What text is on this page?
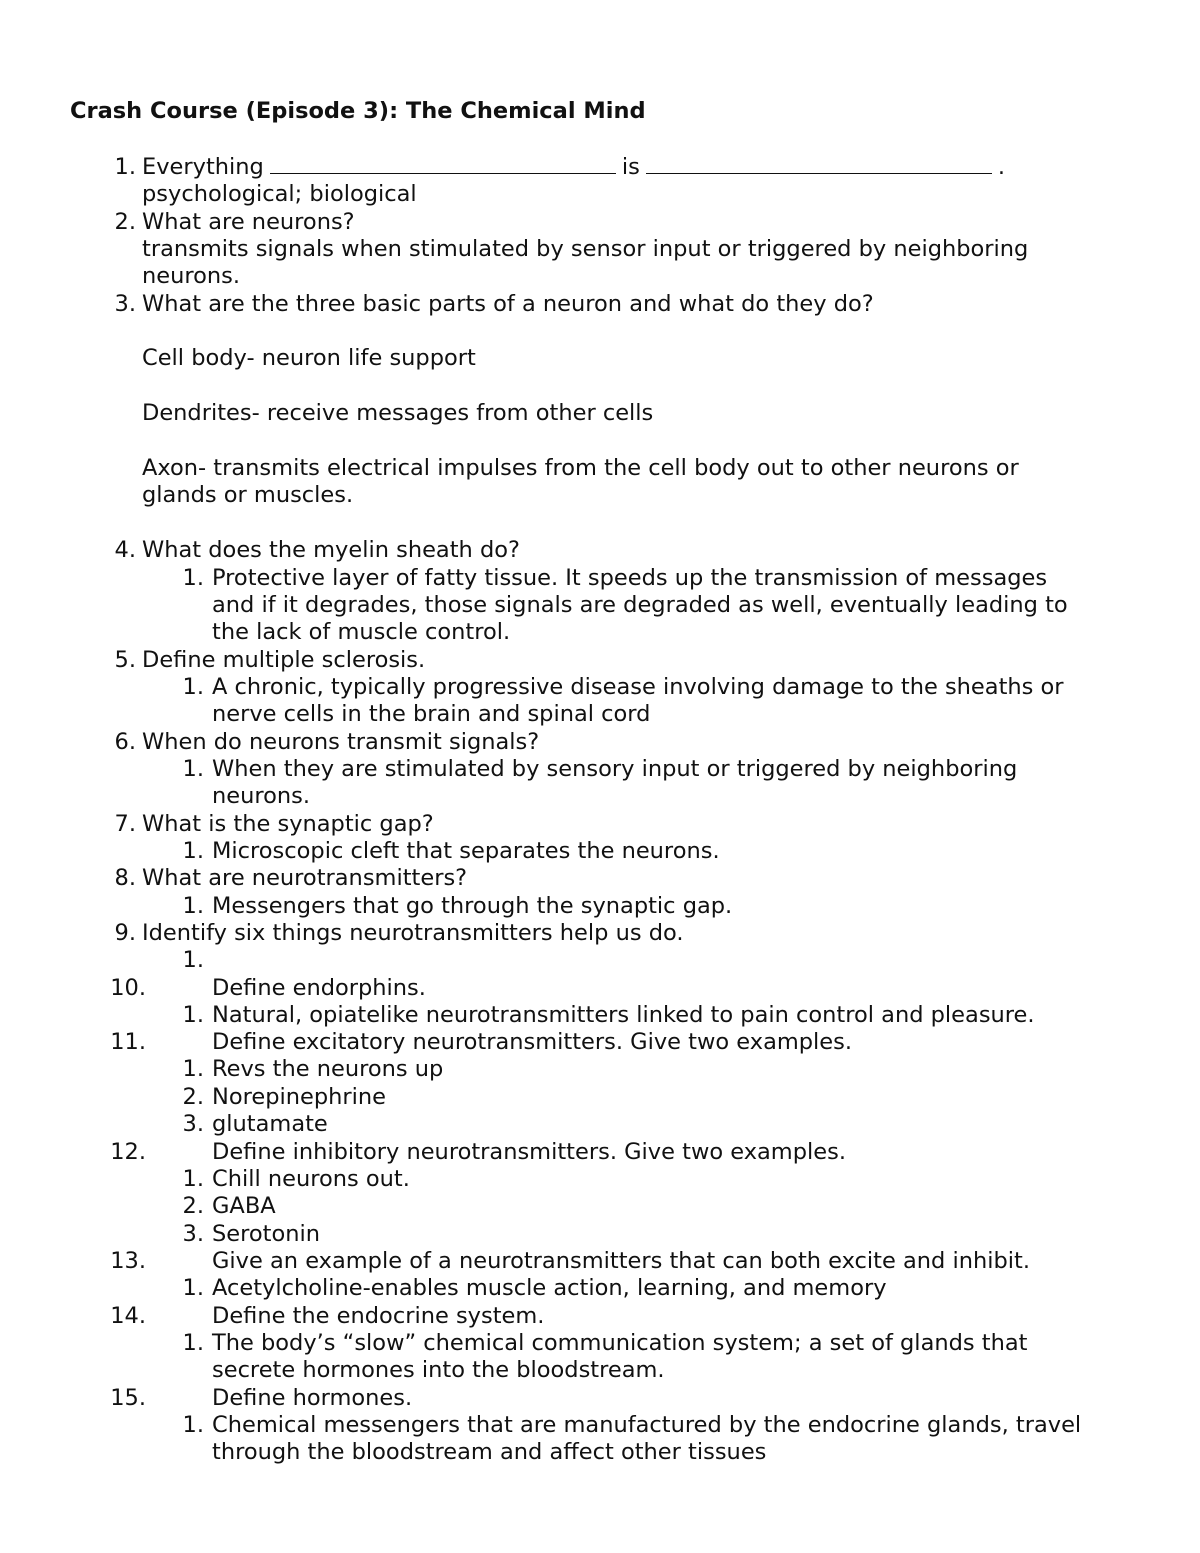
Crash Course (Episode 3): The Chemical Mind
1. Everything	is	.
psychological; biological
2. What are neurons?
transmits signals when stimulated by sensor input or triggered by neighboring
neurons.
3. What are the three basic parts of a neuron and what do they do?
Cell body- neuron life support
Dendrites- receive messages from other cells
Axon- transmits electrical impulses from the cell body out to other neurons or
glands or muscles.
4. What does the myelin sheath do?
1. Protective layer of fatty tissue. It speeds up the transmission of messages
and if it degrades, those signals are degraded as well, eventually leading to
the lack of muscle control.
5. Define multiple sclerosis.
1. A chronic, typically progressive disease involving damage to the sheaths or
nerve cells in the brain and spinal cord
6. When do neurons transmit signals?
1. When they are stimulated by sensory input or triggered by neighboring
neurons.
7. What is the synaptic gap?
1. Microscopic cleft that separates the neurons.
8. What are neurotransmitters?
1. Messengers that go through the synaptic gap.
9. Identify six things neurotransmitters help us do.
1.
10.	Define endorphins.
1. Natural, opiatelike neurotransmitters linked to pain control and pleasure.
11.	Define excitatory neurotransmitters. Give two examples.
1. Revs the neurons up
2. Norepinephrine
3. glutamate
12.	Define inhibitory neurotransmitters. Give two examples.
1. Chill neurons out.
2. GABA
3. Serotonin
13.	Give an example of a neurotransmitters that can both excite and inhibit.
1. Acetylcholine-enables muscle action, learning, and memory
14.	Define the endocrine system.
1. The body’s “slow” chemical communication system; a set of glands that
secrete hormones into the bloodstream.
15.	Define hormones.
1. Chemical messengers that are manufactured by the endocrine glands, travel
through the bloodstream and affect other tissues
